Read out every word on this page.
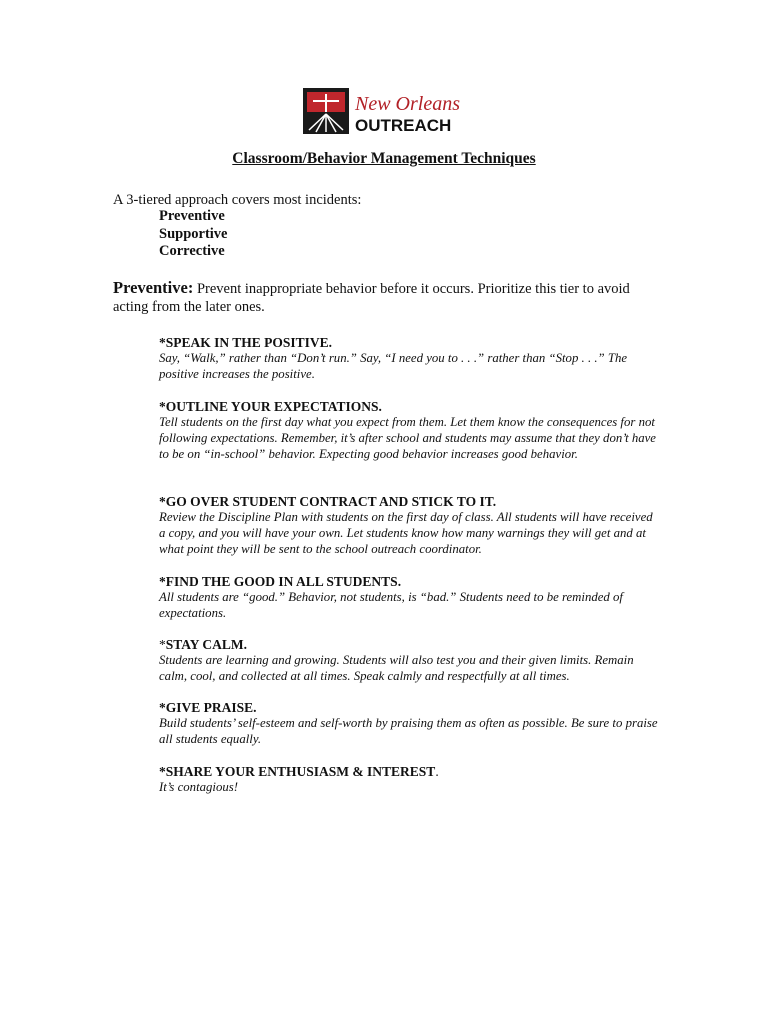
New Orleans
OUTREACH
Classroom/Behavior Management Techniques
A 3-tiered approach covers most incidents:
Preventive
Supportive
Corrective

Preventive: Prevent inappropriate behavior before it occurs. Prioritize this tier to avoid acting from the later ones.

*SPEAK IN THE POSITIVE.
Say, “Walk,” rather than “Don’t run.” Say, “I need you to . . .” rather than “Stop . . .” The positive increases the positive.
*OUTLINE YOUR EXPECTATIONS.
Tell students on the first day what you expect from them. Let them know the consequences for not following expectations. Remember, it’s after school and students may assume that they don’t have to be on “in-school” behavior. Expecting good behavior increases good behavior.
*GO OVER STUDENT CONTRACT AND STICK TO IT.
Review the Discipline Plan with students on the first day of class. All students will have received a copy, and you will have your own. Let students know how many warnings they will get and at what point they will be sent to the school outreach coordinator.
*FIND THE GOOD IN ALL STUDENTS.
All students are “good.” Behavior, not students, is “bad.” Students need to be reminded of expectations.
*STAY CALM.
Students are learning and growing. Students will also test you and their given limits. Remain calm, cool, and collected at all times. Speak calmly and respectfully at all times.
*GIVE PRAISE.
Build students’ self-esteem and self-worth by praising them as often as possible. Be sure to praise all students equally.
*SHARE YOUR ENTHUSIASM & INTEREST.
It’s contagious!
